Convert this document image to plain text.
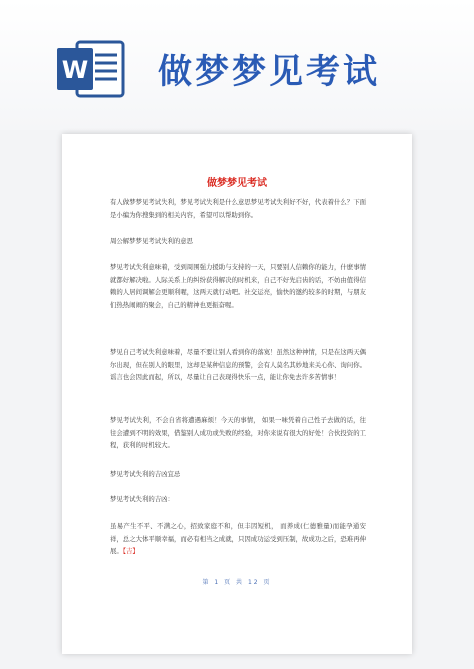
W 做梦梦见考试
做梦梦见考试

有人做梦梦见考试失利，梦见考试失利是什么意思梦见考试失利好不好，代表着什么？下面是小编为你搜集到的相关内容，希望可以帮助到你。

周公解梦梦见考试失利的意思

梦见考试失利意味着，受到周围强力援助与支持的一天，只要别人信赖你的能力，什麽事情就都好解决啦。人际关系上的纠纷获得解决的时机来，自己不好先启齿的话，不妨由值得信赖的人居间调解会更顺利喔，这两天就行动吧。社交运亮，愉快的邀约较多的时期，与朋友们热热闹闹的聚会，自己的精神也更振奋喔。

梦见自己考试失利意味着，尽量不要让别人看到你的落寞！虽然这种神情，只是在这两天偶尔出现，但在别人的眼里，这却是某种信息的预警，会有人莫名其妙地来关心你、询问你。谣言也会因此而起，所以，尽量让自己表现得快乐一点，能让你免去许多苦情事！

梦见考试失利，不会自省将遭遇麻烦！今天的事情， 如果一味凭着自己性子去做的话，往往会遭到不明的效果，借鉴别人成功或失败的经验，对你来说有很大的好处！合伙投资的工程，获利的时机较大。

梦见考试失利的吉凶宜忌

梦见考试失利的吉凶：

虽易产生不平、不满之心，招致家庭不和，但丰因短机， 而养成(仁德雅量)而能孕通安祥，总之大体平顺幸福，而必有相当之成就，只因成功运受到压制，故成功之后，恐难再伸展。【吉】

第 1 页 共 12 页
